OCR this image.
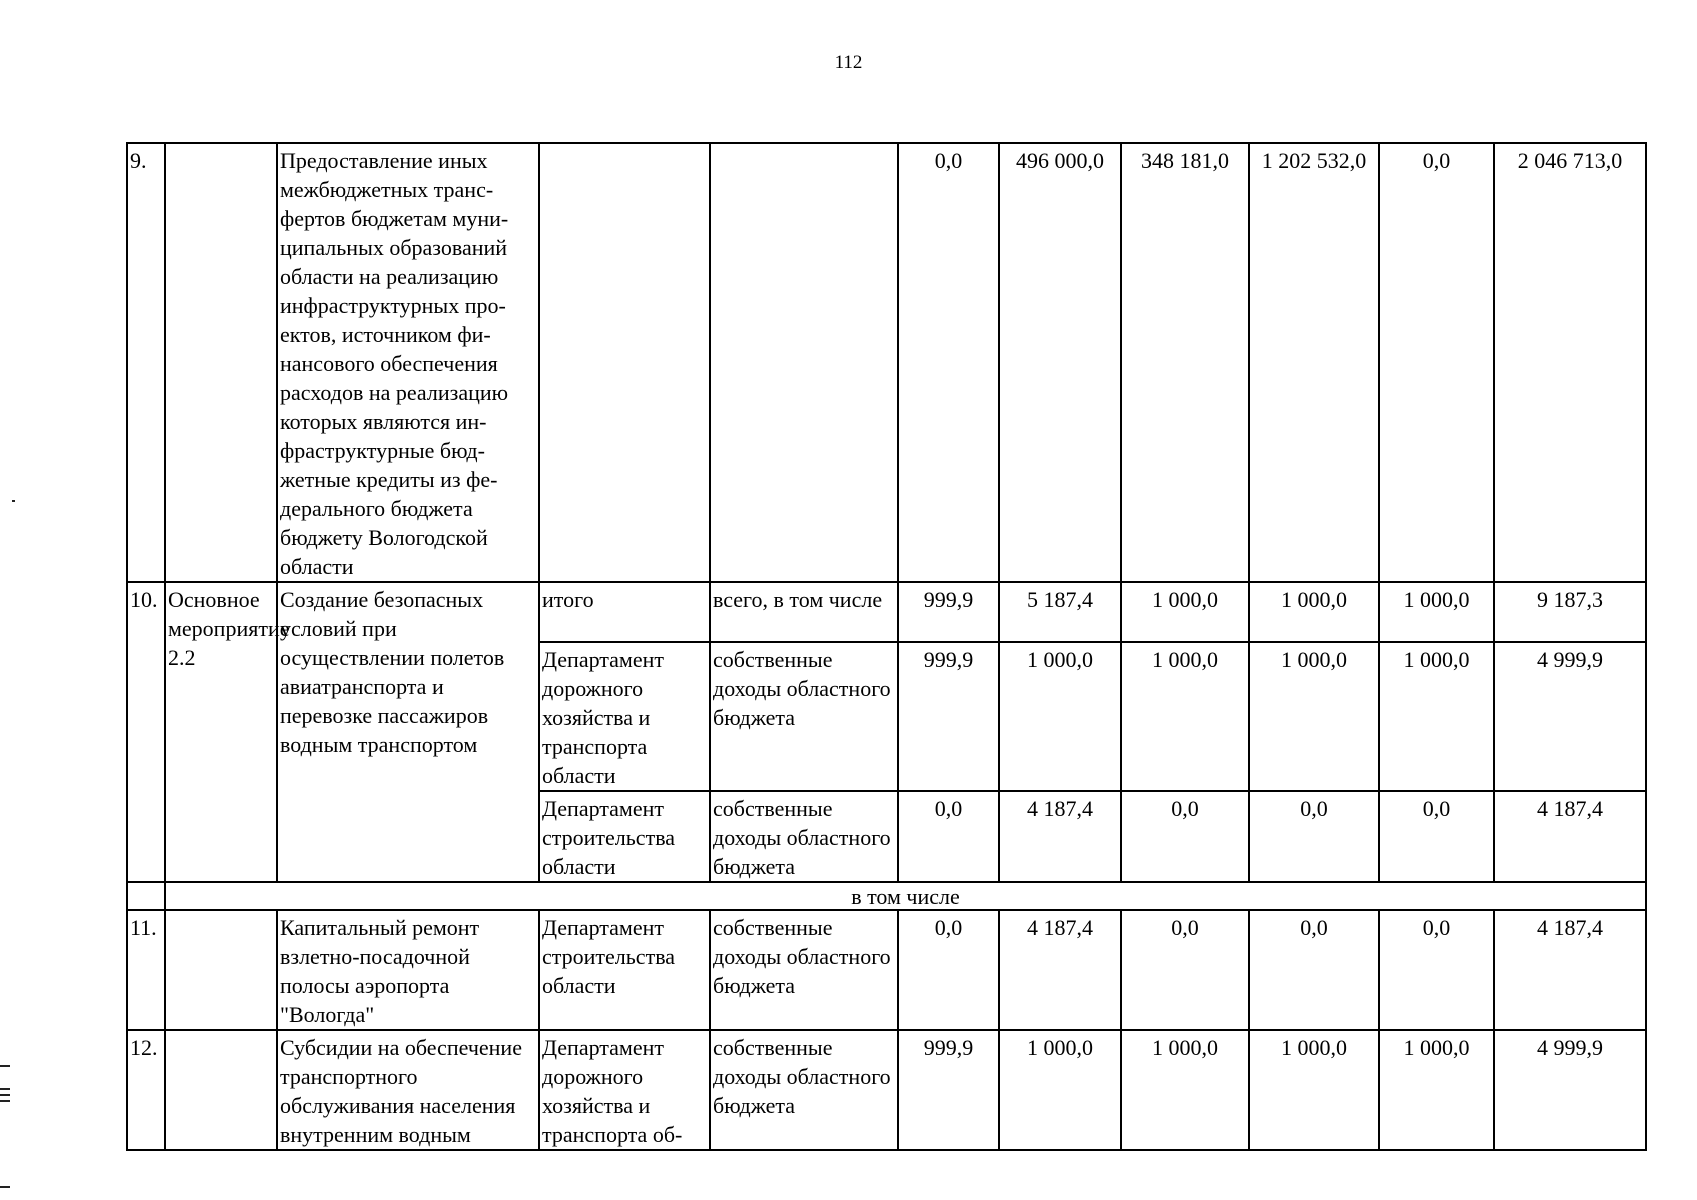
112
9.		Предоставление иных межбюджетных транс-фертов бюджетам муни-ципальных образований области на реализацию инфраструктурных про-ектов, источником фи-нансового обеспечения расходов на реализацию которых являются ин-фраструктурные бюд-жетные кредиты из фе-дерального бюджета бюджету Вологодской области			0,0	496 000,0	348 181,0	1 202 532,0	0,0	2 046 713,0
10.	Основное мероприятие 2.2	Создание безопасных условий при осуществлении полетов авиатранспорта и перевозке пассажиров водным транспортом	итого	всего, в том числе	999,9	5 187,4	1 000,0	1 000,0	1 000,0	9 187,3
			Департамент дорожного хозяйства и транспорта области	собственные доходы областного бюджета	999,9	1 000,0	1 000,0	1 000,0	1 000,0	4 999,9
			Департамент строительства области	собственные доходы областного бюджета	0,0	4 187,4	0,0	0,0	0,0	4 187,4
	в том числе									
11.		Капитальный ремонт взлетно-посадочной полосы аэропорта "Вологда"	Департамент строительства области	собственные доходы областного бюджета	0,0	4 187,4	0,0	0,0	0,0	4 187,4
12.		Субсидии на обеспечение транспортного обслуживания населения внутренним водным	Департамент дорожного хозяйства и транспорта об-	собственные доходы областного бюджета	999,9	1 000,0	1 000,0	1 000,0	1 000,0	4 999,9
